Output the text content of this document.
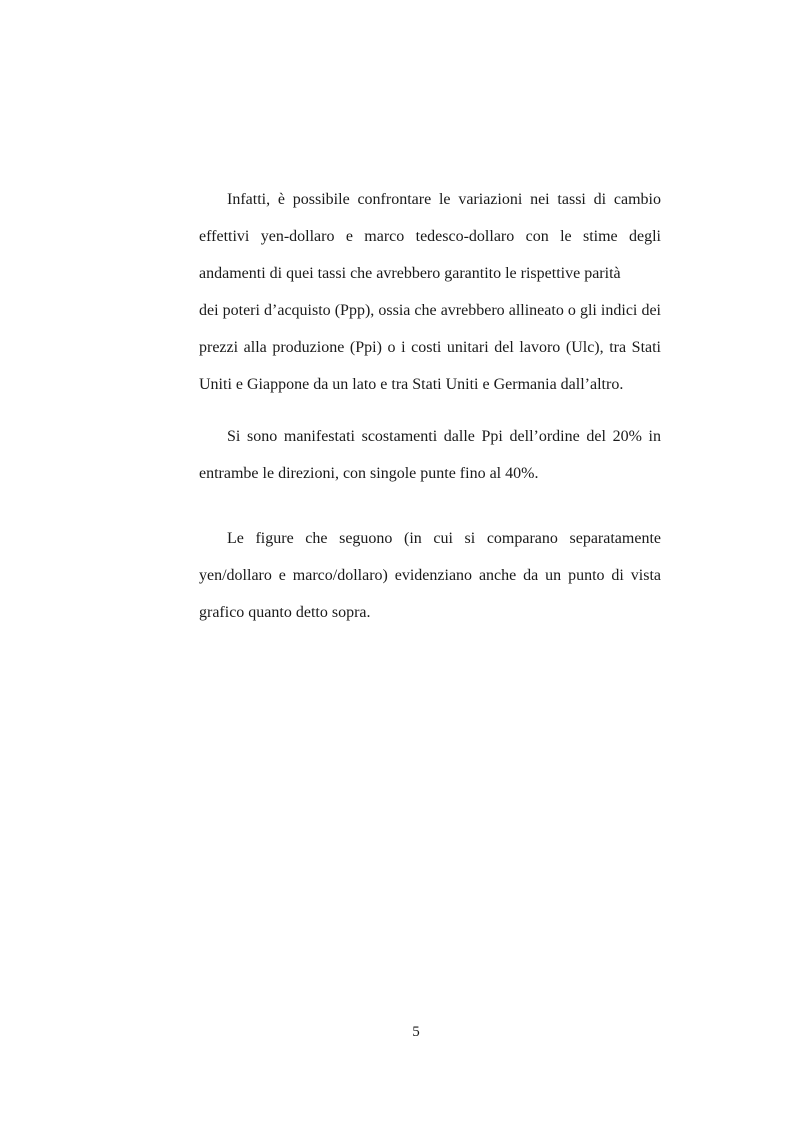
Infatti, è possibile confrontare le variazioni nei tassi di cambio
effettivi yen-dollaro e marco tedesco-dollaro con le stime degli
andamenti di quei tassi che avrebbero garantito le rispettive parità
dei poteri d’acquisto (Ppp), ossia che avrebbero allineato o gli indici dei
prezzi alla produzione (Ppi) o i costi unitari del lavoro (Ulc), tra Stati
Uniti e Giappone da un lato e tra Stati Uniti e Germania dall’altro.
Si sono manifestati scostamenti dalle Ppi dell’ordine del 20% in
entrambe le direzioni, con singole punte fino al 40%.
Le figure che seguono (in cui si comparano separatamente
yen/dollaro e marco/dollaro) evidenziano anche da un punto di vista
grafico quanto detto sopra.
5
